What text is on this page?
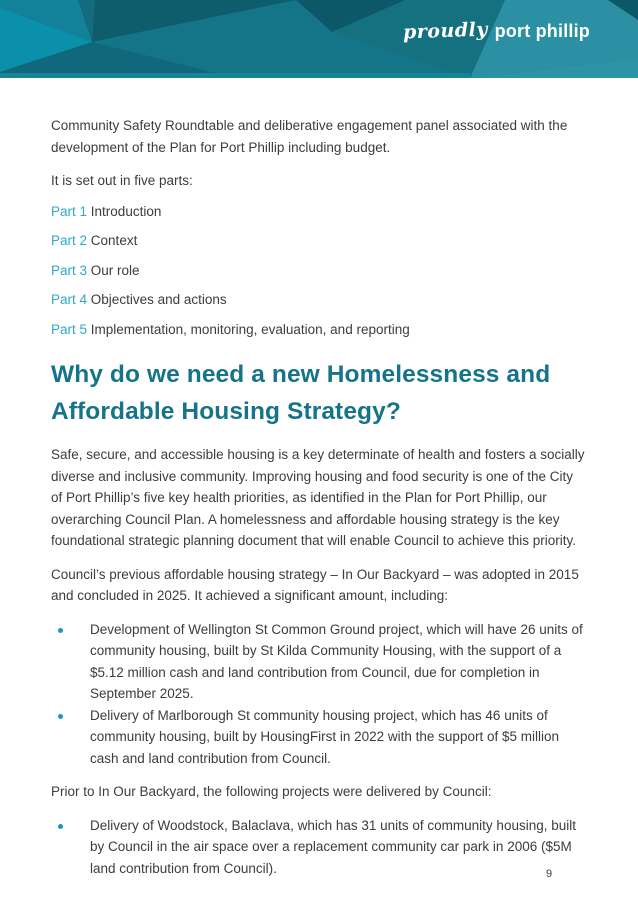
proudly port phillip

Community Safety Roundtable and deliberative engagement panel associated with the development of the Plan for Port Phillip including budget.

It is set out in five parts:

Part 1 Introduction

Part 2 Context

Part 3 Our role

Part 4 Objectives and actions

Part 5 Implementation, monitoring, evaluation, and reporting

Why do we need a new Homelessness and Affordable Housing Strategy?

Safe, secure, and accessible housing is a key determinate of health and fosters a socially diverse and inclusive community. Improving housing and food security is one of the City of Port Phillip’s five key health priorities, as identified in the Plan for Port Phillip, our overarching Council Plan. A homelessness and affordable housing strategy is the key foundational strategic planning document that will enable Council to achieve this priority.

Council’s previous affordable housing strategy – In Our Backyard – was adopted in 2015 and concluded in 2025. It achieved a significant amount, including:

Development of Wellington St Common Ground project, which will have 26 units of community housing, built by St Kilda Community Housing, with the support of a $5.12 million cash and land contribution from Council, due for completion in September 2025.
Delivery of Marlborough St community housing project, which has 46 units of community housing, built by HousingFirst in 2022 with the support of $5 million cash and land contribution from Council.

Prior to In Our Backyard, the following projects were delivered by Council:

Delivery of Woodstock, Balaclava, which has 31 units of community housing, built by Council in the air space over a replacement community car park in 2006 ($5M land contribution from Council).	9
